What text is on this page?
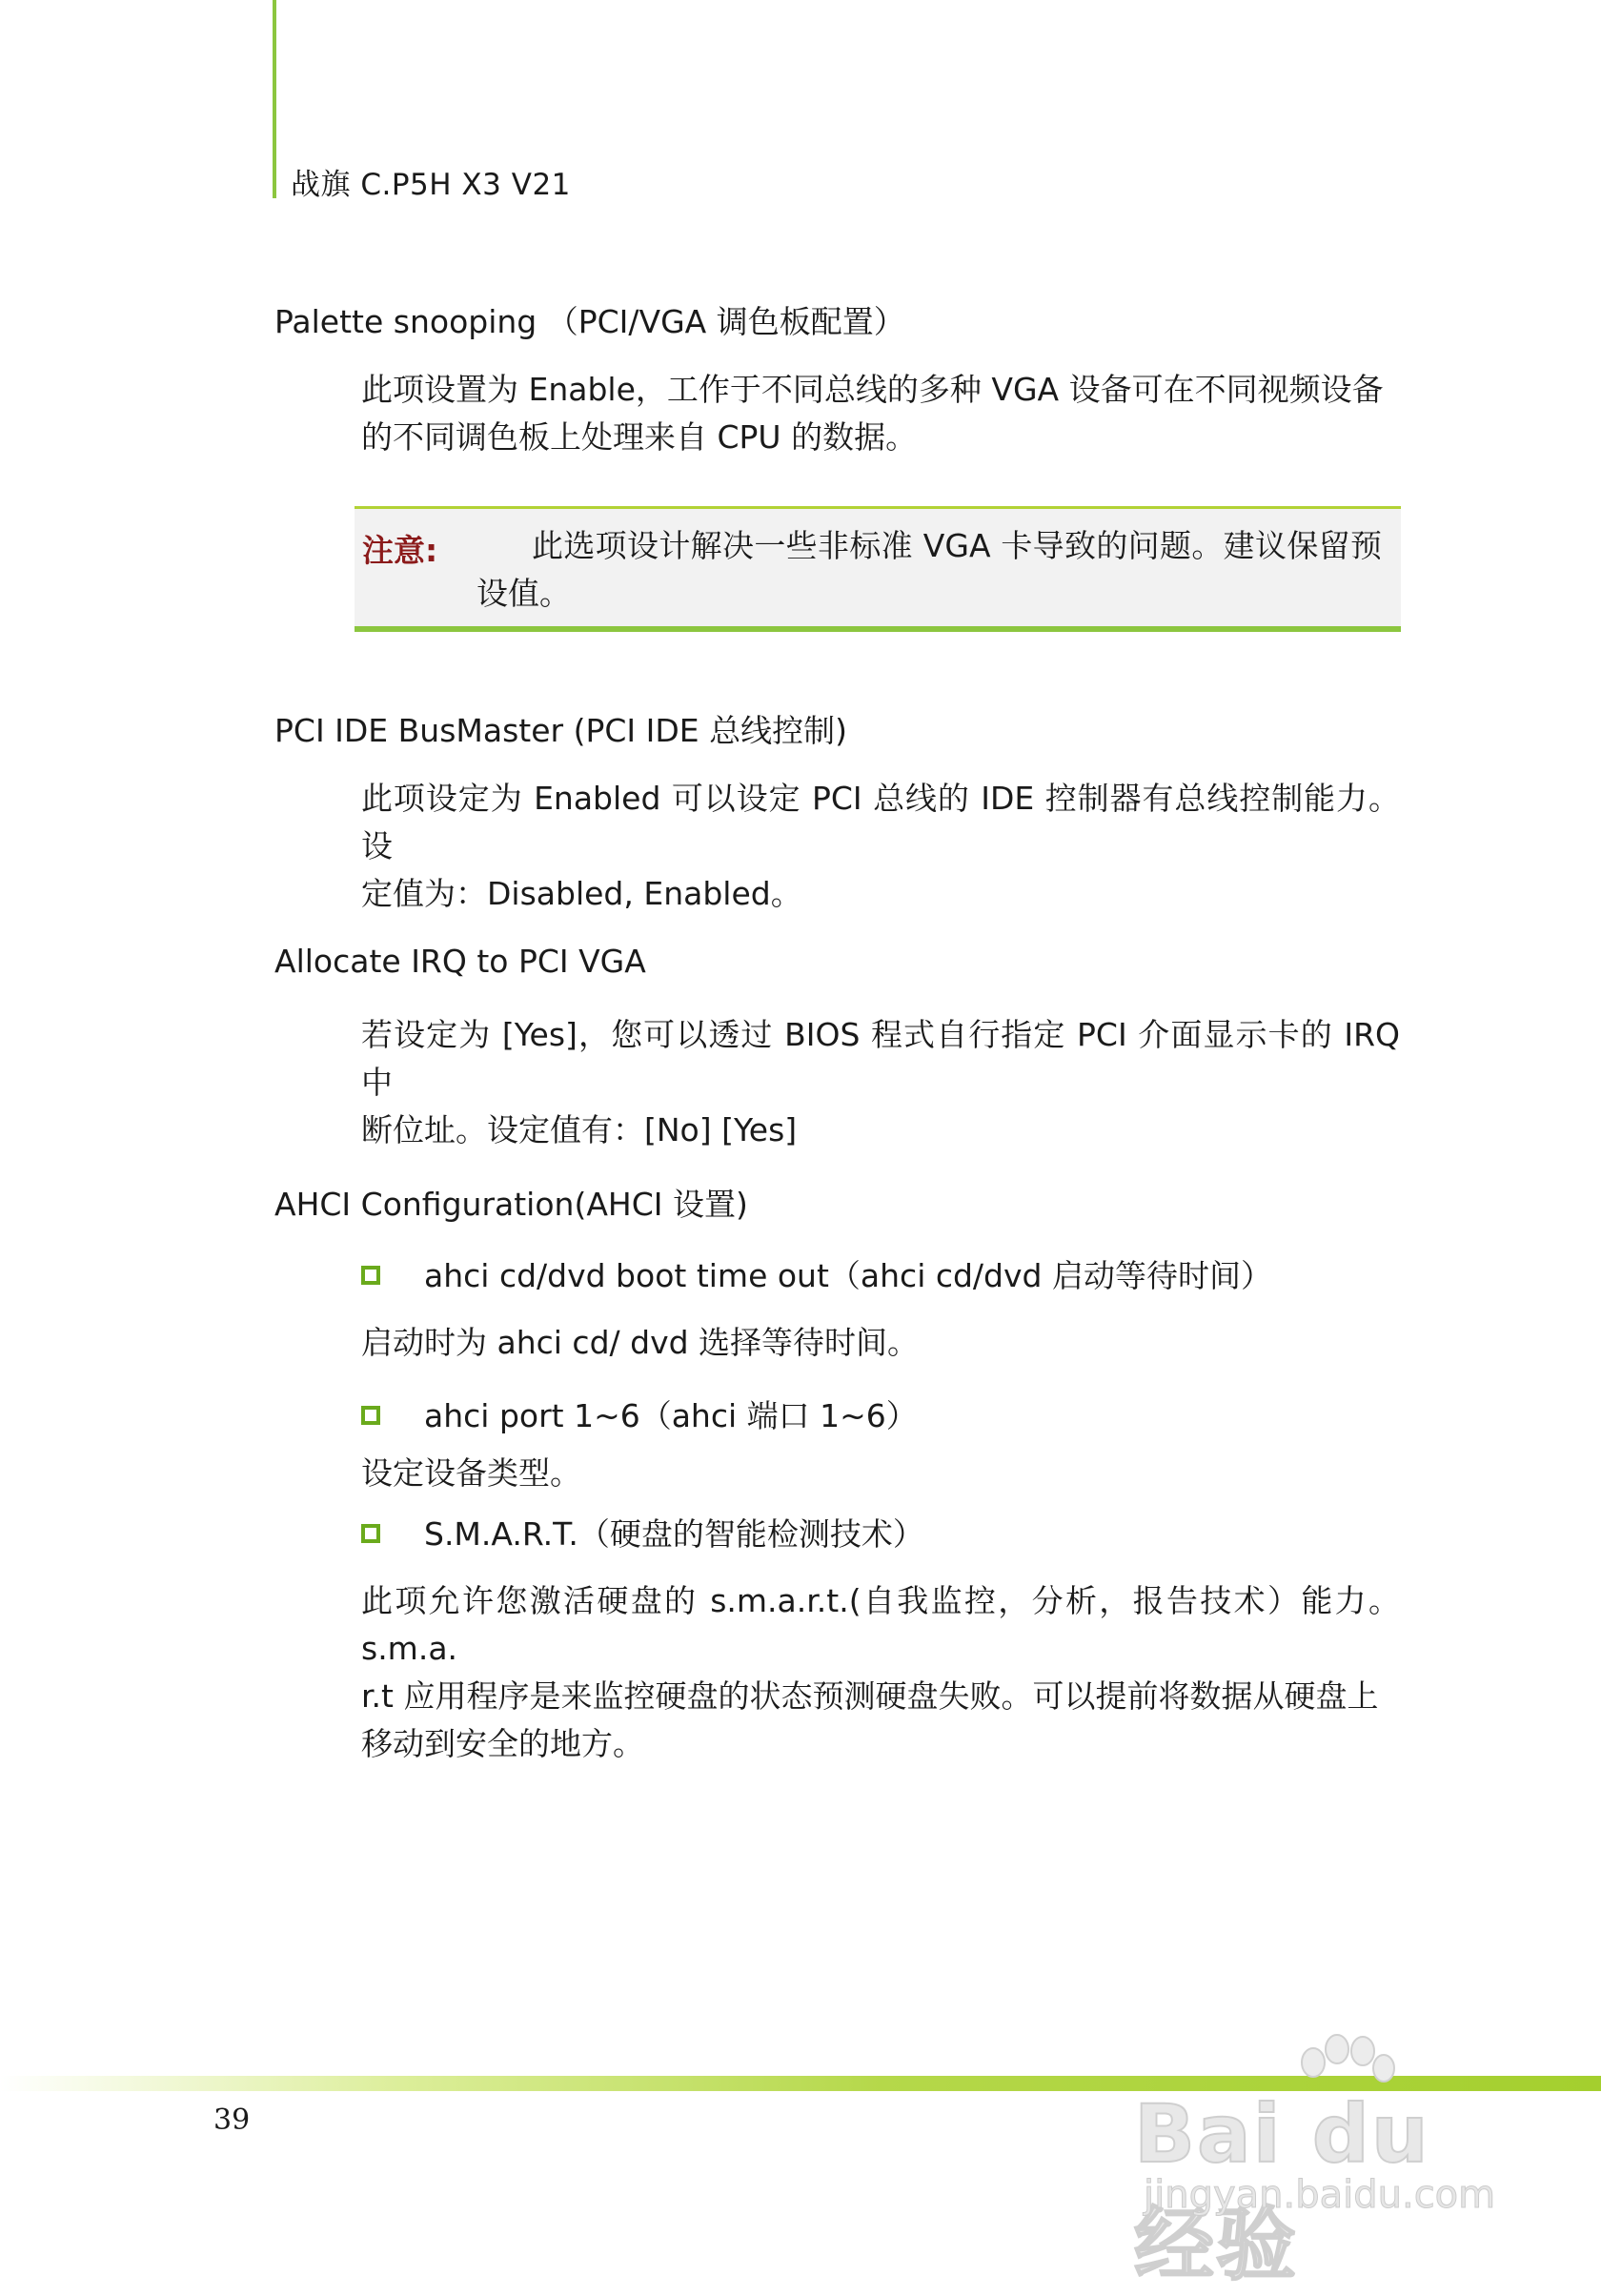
战旗 C.P5H X3 V21
Palette snooping （PCI/VGA 调色板配置）
此项设置为 Enable，工作于不同总线的多种 VGA 设备可在不同视频设备
的不同调色板上处理来自 CPU 的数据。
注意:	此选项设计解决一些非标准 VGA 卡导致的问题。建议保留预设值。
PCI IDE BusMaster (PCI IDE 总线控制)
此项设定为 Enabled 可以设定 PCI 总线的 IDE 控制器有总线控制能力。设
定值为：Disabled, Enabled。
Allocate IRQ to PCI VGA
若设定为 [Yes]，您可以透过 BIOS 程式自行指定 PCI 介面显示卡的 IRQ 中
断位址。设定值有：[No] [Yes]
AHCI Configuration(AHCI 设置)
ahci cd/dvd boot time out（ahci cd/dvd 启动等待时间）
启动时为 ahci cd/ dvd 选择等待时间。
ahci port 1~6（ahci 端口 1~6）
设定设备类型。
S.M.A.R.T.（硬盘的智能检测技术）
此项允许您激活硬盘的 s.m.a.r.t.(自我监控，分析，报告技术）能力。s.m.a.
r.t 应用程序是来监控硬盘的状态预测硬盘失败。可以提前将数据从硬盘上
移动到安全的地方。
39	Bai du 经验
jingyan.baidu.com
